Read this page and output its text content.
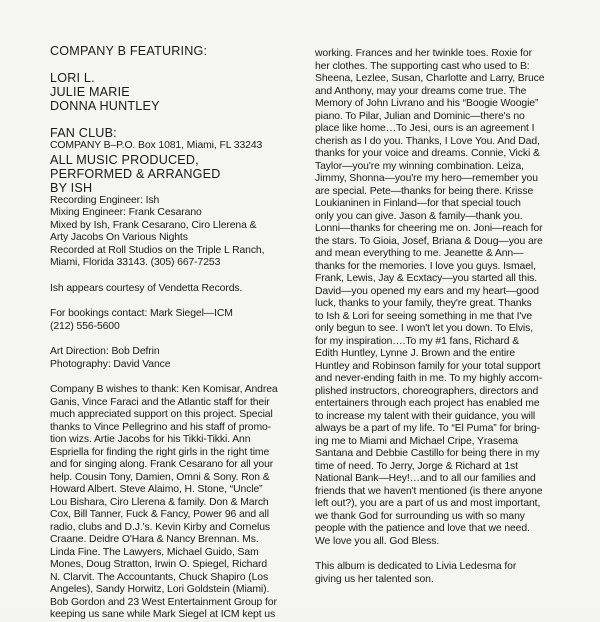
COMPANY B FEATURING:

LORI L.

JULIE MARIE

DONNA HUNTLEY

FAN CLUB:

COMPANY B–P.O. Box 1081, Miami, FL 33243

ALL MUSIC PRODUCED,

PERFORMED & ARRANGED

BY ISH

Recording Engineer: Ish

Mixing Engineer: Frank Cesarano

Mixed by Ish, Frank Cesarano, Ciro Llerena &

Arty Jacobs On Various Nights

Recorded at Roll Studios on the Triple L Ranch,

Miami, Florida 33143. (305) 667-7253

Ish appears courtesy of Vendetta Records.

For bookings contact: Mark Siegel—ICM

(212) 556-5600

Art Direction: Bob Defrin

Photography: David Vance

Company B wishes to thank: Ken Komisar, Andrea

Ganis, Vince Faraci and the Atlantic staff for their

much appreciated support on this project. Special

thanks to Vince Pellegrino and his staff of promo-

tion wizs. Artie Jacobs for his Tikki-Tikki. Ann

Espriella for finding the right girls in the right time

and for singing along. Frank Cesarano for all your

help. Cousin Tony, Damien, Omni & Sony. Ron &

Howard Albert. Steve Alaimo, H. Stone, “Uncle”

Lou Bishara, Ciro Llerena & family. Don & March

Cox, Bill Tanner, Fuck & Fancy, Power 96 and all

radio, clubs and D.J.'s. Kevin Kirby and Cornelus

Craane. Deidre O'Hara & Nancy Brennan. Ms.

Linda Fine. The Lawyers, Michael Guido, Sam

Mones, Doug Stratton, Irwin O. Spiegel, Richard

N. Clarvit. The Accountants, Chuck Shapiro (Los

Angeles), Sandy Horwitz, Lori Goldstein (Miami).

Bob Gordon and 23 West Entertainment Group for

keeping us sane while Mark Siegel at ICM kept us

working. Frances and her twinkle toes. Roxie for

her clothes. The supporting cast who used to B:

Sheena, Lezlee, Susan, Charlotte and Larry, Bruce

and Anthony, may your dreams come true. The

Memory of John Livrano and his “Boogie Woogie”

piano. To Pilar, Julian and Dominic—there's no

place like home…To Jesi, ours is an agreement I

cherish as I do you. Thanks, I Love You. And Dad,

thanks for your voice and dreams. Connie, Vicki &

Taylor—you're my winning combination. Leiza,

Jimmy, Shonna—you're my hero—remember you

are special. Pete—thanks for being there. Krisse

Loukianinen in Finland—for that special touch

only you can give. Jason & family—thank you.

Lonni—thanks for cheering me on. Joni—reach for

the stars. To Gioia, Josef, Briana & Doug—you are

and mean everything to me. Jeanette & Ann—

thanks for the memories. I love you guys. Ismael,

Frank, Lewis, Jay & Ecxtacy—you started all this.

David—you opened my ears and my heart—good

luck, thanks to your family, they're great. Thanks

to Ish & Lori for seeing something in me that I've

only begun to see. I won't let you down. To Elvis,

for my inspiration….To my #1 fans, Richard &

Edith Huntley, Lynne J. Brown and the entire

Huntley and Robinson family for your total support

and never-ending faith in me. To my highly accom-

plished instructors, choreographers, directors and

entertainers through each project has enabled me

to increase my talent with their guidance, you will

always be a part of my life. To “El Puma” for bring-

ing me to Miami and Michael Cripe, Yrasema

Santana and Debbie Castillo for being there in my

time of need. To Jerry, Jorge & Richard at 1st

National Bank—Hey!…and to all our families and

friends that we haven't mentioned (is there anyone

left out?), you are a part of us and most important,

we thank God for surrounding us with so many

people with the patience and love that we need.

We love you all. God Bless.

This album is dedicated to Livia Ledesma for

giving us her talented son.
